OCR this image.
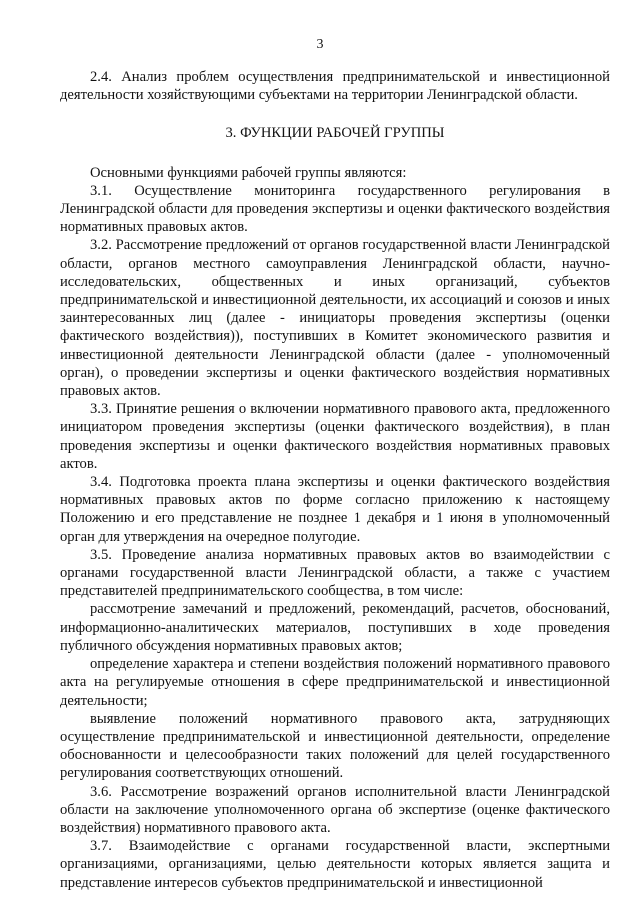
3

2.4. Анализ проблем осуществления предпринимательской и инвестиционной деятельности хозяйствующими субъектами на территории Ленинградской области.

3. ФУНКЦИИ РАБОЧЕЙ ГРУППЫ

Основными функциями рабочей группы являются:

3.1. Осуществление мониторинга государственного регулирования в Ленинградской области для проведения экспертизы и оценки фактического воздействия нормативных правовых актов.

3.2. Рассмотрение предложений от органов государственной власти Ленинградской области, органов местного самоуправления Ленинградской области, научно-исследовательских, общественных и иных организаций, субъектов предпринимательской и инвестиционной деятельности, их ассоциаций и союзов и иных заинтересованных лиц (далее - инициаторы проведения экспертизы (оценки фактического воздействия)), поступивших в Комитет экономического развития и инвестиционной деятельности Ленинградской области (далее - уполномоченный орган), о проведении экспертизы и оценки фактического воздействия нормативных правовых актов.

3.3. Принятие решения о включении нормативного правового акта, предложенного инициатором проведения экспертизы (оценки фактического воздействия), в план проведения экспертизы и оценки фактического воздействия нормативных правовых актов.

3.4. Подготовка проекта плана экспертизы и оценки фактического воздействия нормативных правовых актов по форме согласно приложению к настоящему Положению и его представление не позднее 1 декабря и 1 июня в уполномоченный орган для утверждения на очередное полугодие.

3.5. Проведение анализа нормативных правовых актов во взаимодействии с органами государственной власти Ленинградской области, а также с участием представителей предпринимательского сообщества, в том числе:

рассмотрение замечаний и предложений, рекомендаций, расчетов, обоснований, информационно-аналитических материалов, поступивших в ходе проведения публичного обсуждения нормативных правовых актов;

определение характера и степени воздействия положений нормативного правового акта на регулируемые отношения в сфере предпринимательской и инвестиционной деятельности;

выявление положений нормативного правового акта, затрудняющих осуществление предпринимательской и инвестиционной деятельности, определение обоснованности и целесообразности таких положений для целей государственного регулирования соответствующих отношений.

3.6. Рассмотрение возражений органов исполнительной власти Ленинградской области на заключение уполномоченного органа об экспертизе (оценке фактического воздействия) нормативного правового акта.

3.7. Взаимодействие с органами государственной власти, экспертными организациями, организациями, целью деятельности которых является защита и представление интересов субъектов предпринимательской и инвестиционной
